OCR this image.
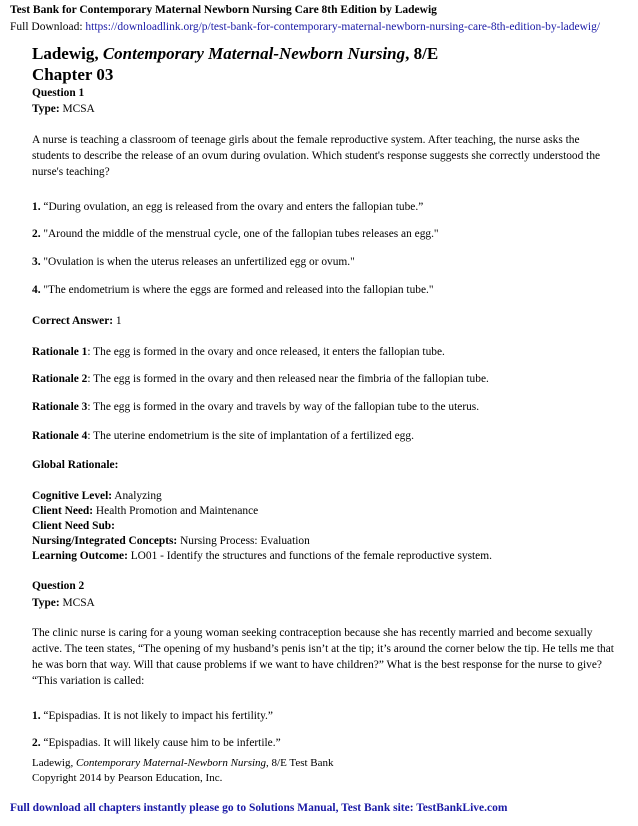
Test Bank for Contemporary Maternal Newborn Nursing Care 8th Edition by Ladewig
Full Download: https://downloadlink.org/p/test-bank-for-contemporary-maternal-newborn-nursing-care-8th-edition-by-ladewig/
Ladewig, Contemporary Maternal-Newborn Nursing, 8/E
Chapter 03
Question 1
Type: MCSA
A nurse is teaching a classroom of teenage girls about the female reproductive system. After teaching, the nurse asks the students to describe the release of an ovum during ovulation. Which student's response suggests she correctly understood the nurse's teaching?
1. “During ovulation, an egg is released from the ovary and enters the fallopian tube.”
2. "Around the middle of the menstrual cycle, one of the fallopian tubes releases an egg."
3. "Ovulation is when the uterus releases an unfertilized egg or ovum."
4. "The endometrium is where the eggs are formed and released into the fallopian tube."
Correct Answer: 1
Rationale 1: The egg is formed in the ovary and once released, it enters the fallopian tube.
Rationale 2: The egg is formed in the ovary and then released near the fimbria of the fallopian tube.
Rationale 3: The egg is formed in the ovary and travels by way of the fallopian tube to the uterus.
Rationale 4: The uterine endometrium is the site of implantation of a fertilized egg.
Global Rationale:
Cognitive Level: Analyzing
Client Need: Health Promotion and Maintenance
Client Need Sub:
Nursing/Integrated Concepts: Nursing Process: Evaluation
Learning Outcome: LO01 - Identify the structures and functions of the female reproductive system.
Question 2
Type: MCSA
The clinic nurse is caring for a young woman seeking contraception because she has recently married and become sexually active. The teen states, “The opening of my husband’s penis isn’t at the tip; it’s around the corner below the tip. He tells me that he was born that way. Will that cause problems if we want to have children?” What is the best response for the nurse to give? “This variation is called:
1. “Epispadias. It is not likely to impact his fertility.”
2. “Epispadias. It will likely cause him to be infertile.”
Ladewig, Contemporary Maternal-Newborn Nursing, 8/E Test Bank
Copyright 2014 by Pearson Education, Inc.
Full download all chapters instantly please go to Solutions Manual, Test Bank site: TestBankLive.com
